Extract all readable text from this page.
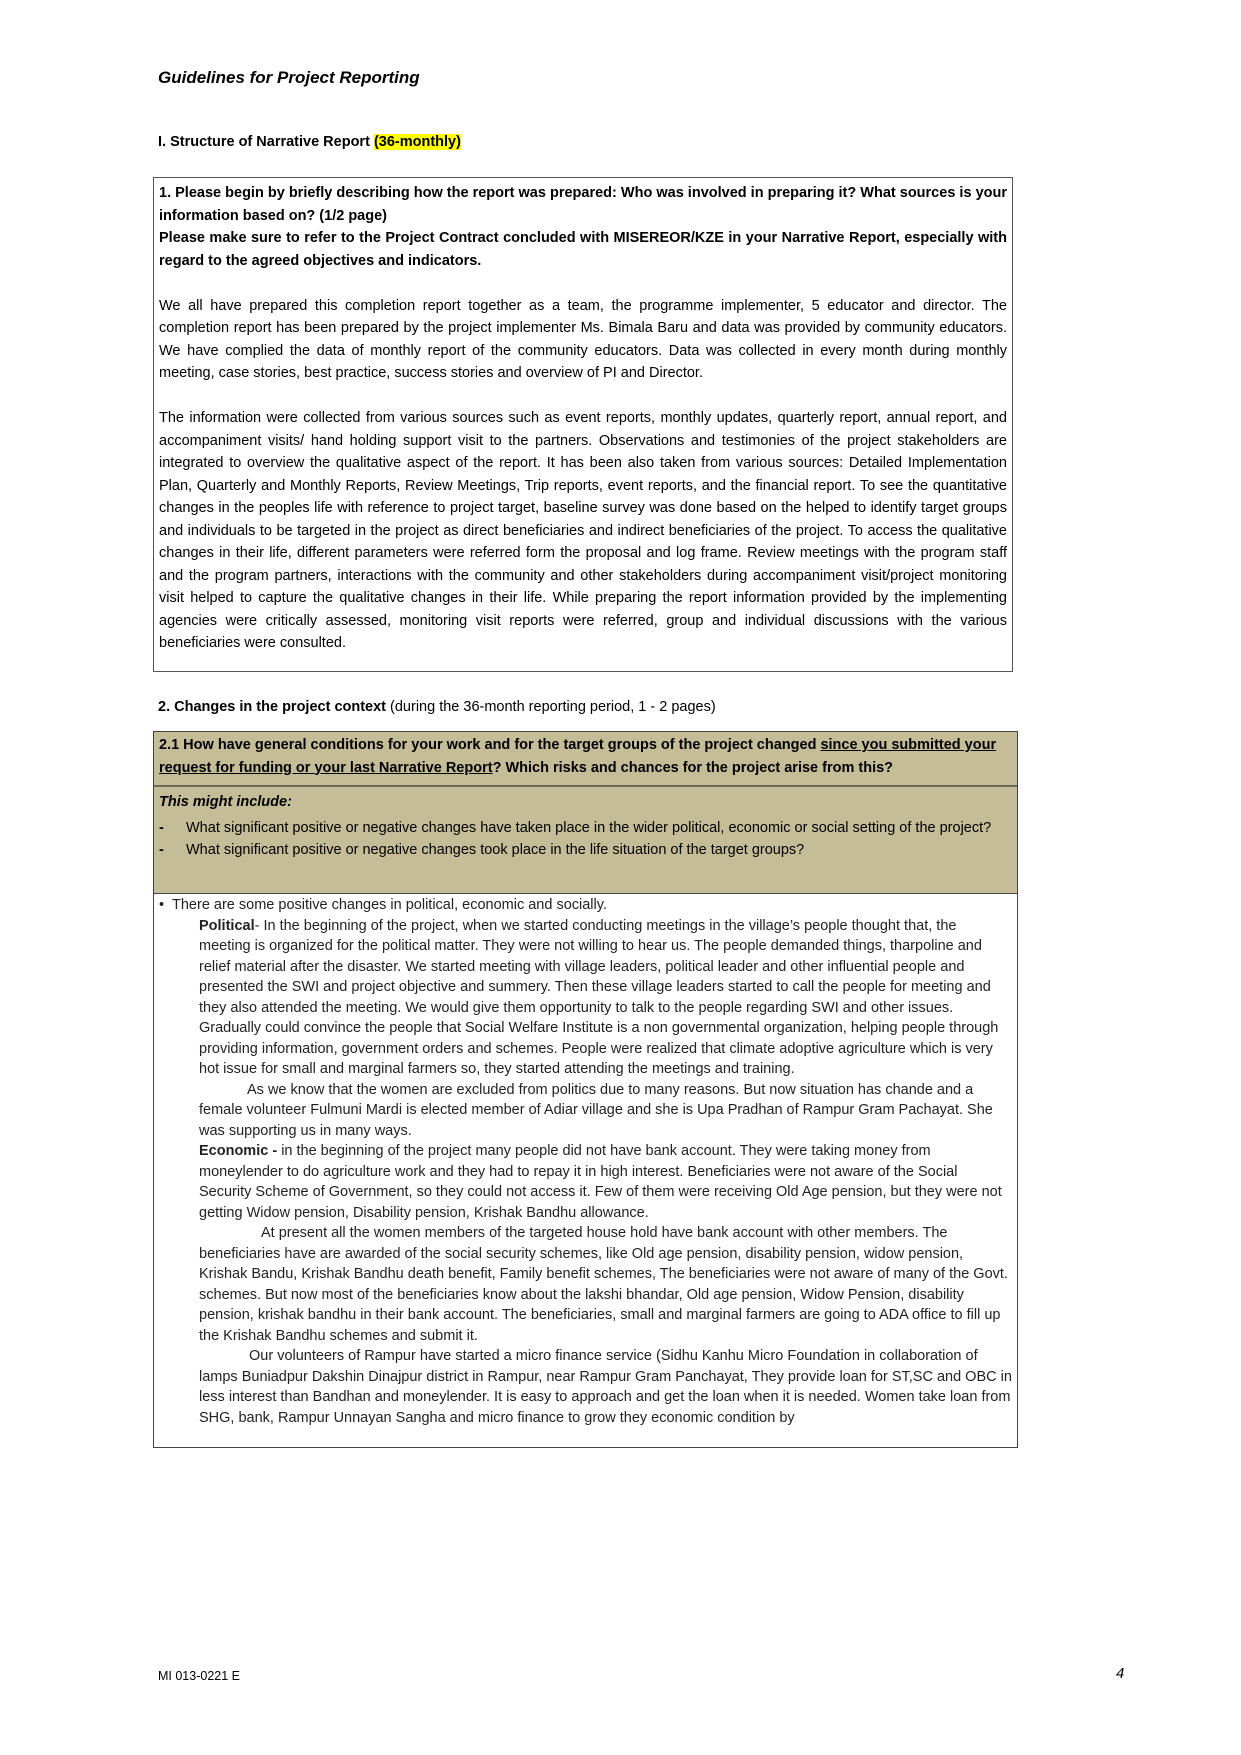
Guidelines for Project Reporting
I. Structure of Narrative Report (36-monthly)

1. Please begin by briefly describing how the report was prepared: Who was involved in preparing it? What sources is your information based on? (1/2 page)

Please make sure to refer to the Project Contract concluded with MISEREOR/KZE in your Narrative Report, especially with regard to the agreed objectives and indicators.

We all have prepared this completion report together as a team, the programme implementer, 5 educator and director. The completion report has been prepared by the project implementer Ms. Bimala Baru and data was provided by community educators. We have complied the data of monthly report of the community educators. Data was collected in every month during monthly meeting, case stories, best practice, success stories and overview of PI and Director.

The information were collected from various sources such as event reports, monthly updates, quarterly report, annual report, and accompaniment visits/ hand holding support visit to the partners. Observations and testimonies of the project stakeholders are integrated to overview the qualitative aspect of the report. It has been also taken from various sources: Detailed Implementation Plan, Quarterly and Monthly Reports, Review Meetings, Trip reports, event reports, and the financial report. To see the quantitative changes in the peoples life with reference to project target, baseline survey was done based on the helped to identify target groups and individuals to be targeted in the project as direct beneficiaries and indirect beneficiaries of the project. To access the qualitative changes in their life, different parameters were referred form the proposal and log frame. Review meetings with the program staff and the program partners, interactions with the community and other stakeholders during accompaniment visit/project monitoring visit helped to capture the qualitative changes in their life. While preparing the report information provided by the implementing agencies were critically assessed, monitoring visit reports were referred, group and individual discussions with the various beneficiaries were consulted.

2. Changes in the project context (during the 36-month reporting period, 1 - 2 pages)
2.1 How have general conditions for your work and for the target groups of the project changed since you submitted your request for funding or your last Narrative Report? Which risks and chances for the project arise from this?
This might include:
-	What significant positive or negative changes have taken place in the wider political, economic or social setting of the project?
-	What significant positive or negative changes took place in the life situation of the target groups?
• There are some positive changes in political, economic and socially.

Political- In the beginning of the project, when we started conducting meetings in the village’s people thought that, the meeting is organized for the political matter. They were not willing to hear us. The people demanded things, tharpoline and relief material after the disaster. We started meeting with village leaders, political leader and other influential people and presented the SWI and project objective and summery. Then these village leaders started to call the people for meeting and they also attended the meeting. We would give them opportunity to talk to the people regarding SWI and other issues. Gradually could convince the people that Social Welfare Institute is a non governmental organization, helping people through providing information, government orders and schemes. People were realized that climate adoptive agriculture which is very hot issue for small and marginal farmers so, they started attending the meetings and training.

As we know that the women are excluded from politics due to many reasons. But now situation has chande and a female volunteer Fulmuni Mardi is elected member of Adiar village and she is Upa Pradhan of Rampur Gram Pachayat. She was supporting us in many ways.

Economic - in the beginning of the project many people did not have bank account. They were taking money from moneylender to do agriculture work and they had to repay it in high interest. Beneficiaries were not aware of the Social Security Scheme of Government, so they could not access it. Few of them were receiving Old Age pension, but they were not getting Widow pension, Disability pension, Krishak Bandhu allowance.

At present all the women members of the targeted house hold have bank account with other members. The beneficiaries have are awarded of the social security schemes, like Old age pension, disability pension, widow pension, Krishak Bandu, Krishak Bandhu death benefit, Family benefit schemes, The beneficiaries were not aware of many of the Govt. schemes. But now most of the beneficiaries know about the lakshi bhandar, Old age pension, Widow Pension, disability pension, krishak bandhu in their bank account. The beneficiaries, small and marginal farmers are going to ADA office to fill up the Krishak Bandhu schemes and submit it.

Our volunteers of Rampur have started a micro finance service (Sidhu Kanhu Micro Foundation in collaboration of lamps Buniadpur Dakshin Dinajpur district in Rampur, near Rampur Gram Panchayat, They provide loan for ST,SC and OBC in less interest than Bandhan and moneylender. It is easy to approach and get the loan when it is needed. Women take loan from SHG, bank, Rampur Unnayan Sangha and micro finance to grow they economic condition by

MI 013-0221 E	4
